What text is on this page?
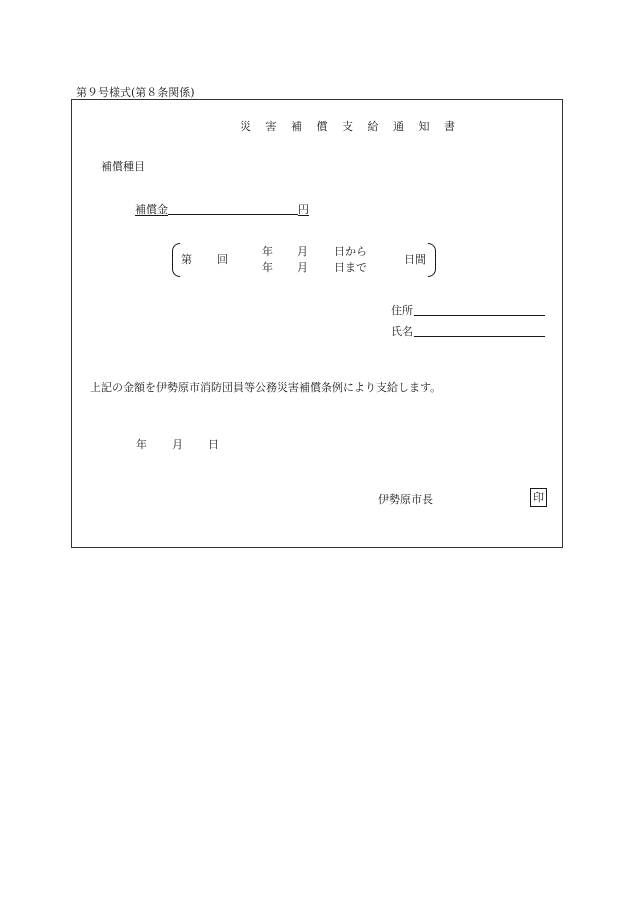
第９号様式(第８条関係)
災 害 補 償 支 給 通 知 書
補償種目
補償金	円
第 回
年 月 日から
年 月 日まで
日間
住所
氏名
上記の金額を伊勢原市消防団員等公務災害補償条例により支給します。
年 月 日
伊勢原市長	印
